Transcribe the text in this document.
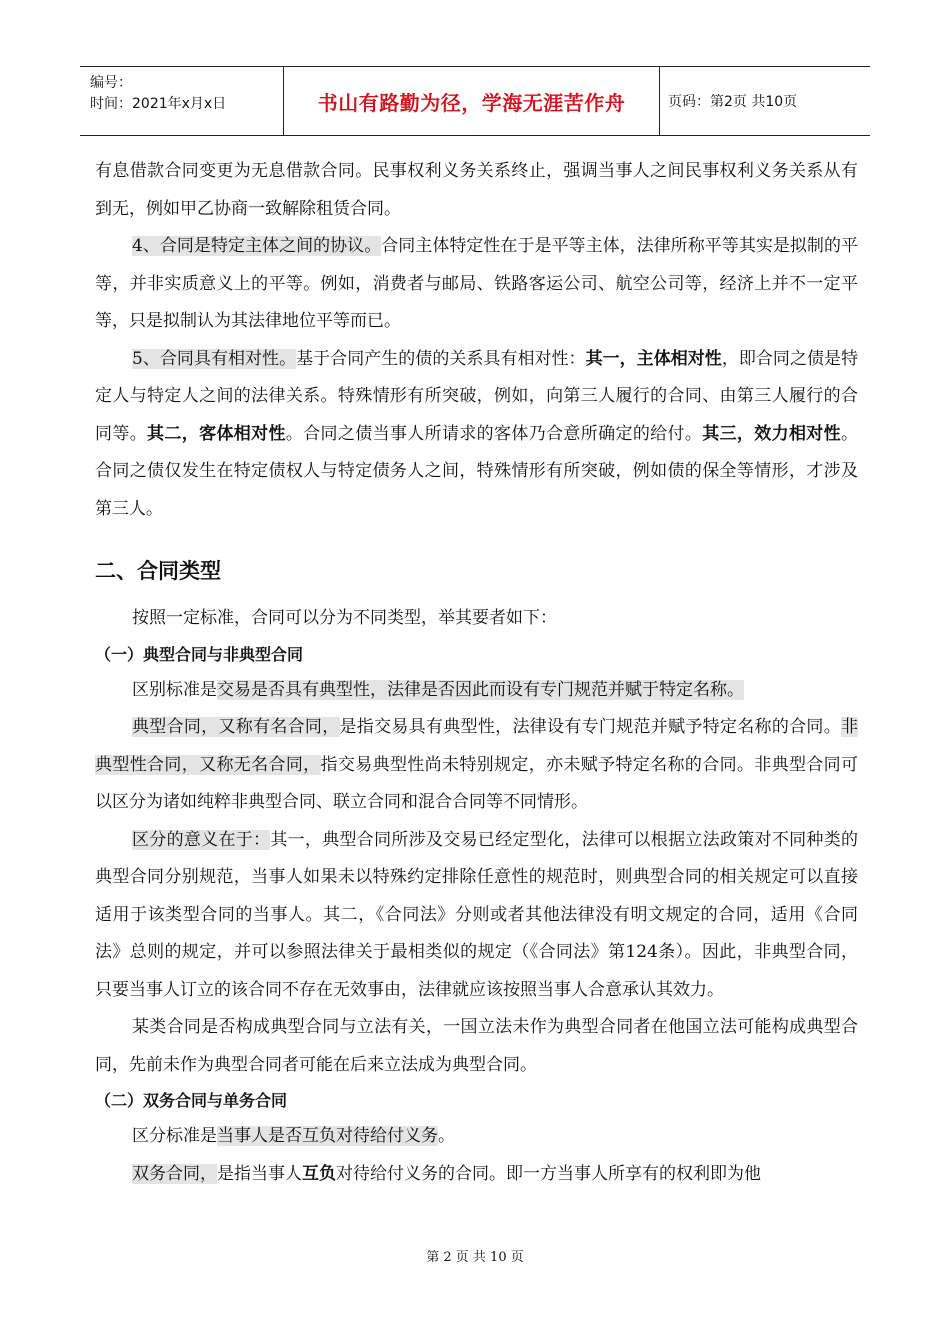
编号：
时间：2021年x月x日	书山有路勤为径，学海无涯苦作舟	页码：第2页 共10页

有息借款合同变更为无息借款合同。民事权利义务关系终止，强调当事人之间民事权利义务关系从有到无，例如甲乙协商一致解除租赁合同。

4、合同是特定主体之间的协议。合同主体特定性在于是平等主体，法律所称平等其实是拟制的平等，并非实质意义上的平等。例如，消费者与邮局、铁路客运公司、航空公司等，经济上并不一定平等，只是拟制认为其法律地位平等而已。

5、合同具有相对性。基于合同产生的债的关系具有相对性：其一，主体相对性，即合同之债是特定人与特定人之间的法律关系。特殊情形有所突破，例如，向第三人履行的合同、由第三人履行的合同等。其二，客体相对性。合同之债当事人所请求的客体乃合意所确定的给付。其三，效力相对性。合同之债仅发生在特定债权人与特定债务人之间，特殊情形有所突破，例如债的保全等情形，才涉及第三人。

二、合同类型

按照一定标准，合同可以分为不同类型，举其要者如下：

（一）典型合同与非典型合同

区别标准是交易是否具有典型性，法律是否因此而设有专门规范并赋于特定名称。

典型合同，又称有名合同，是指交易具有典型性，法律设有专门规范并赋予特定名称的合同。非典型性合同，又称无名合同，指交易典型性尚未特别规定，亦未赋予特定名称的合同。非典型合同可以区分为诸如纯粹非典型合同、联立合同和混合合同等不同情形。

区分的意义在于：其一，典型合同所涉及交易已经定型化，法律可以根据立法政策对不同种类的典型合同分别规范，当事人如果未以特殊约定排除任意性的规范时，则典型合同的相关规定可以直接适用于该类型合同的当事人。其二，《合同法》分则或者其他法律没有明文规定的合同，适用《合同法》总则的规定，并可以参照法律关于最相类似的规定（《合同法》第124条）。因此，非典型合同，只要当事人订立的该合同不存在无效事由，法律就应该按照当事人合意承认其效力。

某类合同是否构成典型合同与立法有关，一国立法未作为典型合同者在他国立法可能构成典型合同，先前未作为典型合同者可能在后来立法成为典型合同。

（二）双务合同与单务合同

区分标准是当事人是否互负对待给付义务。

双务合同，是指当事人互负对待给付义务的合同。即一方当事人所享有的权利即为他

第 2 页 共 10 页
